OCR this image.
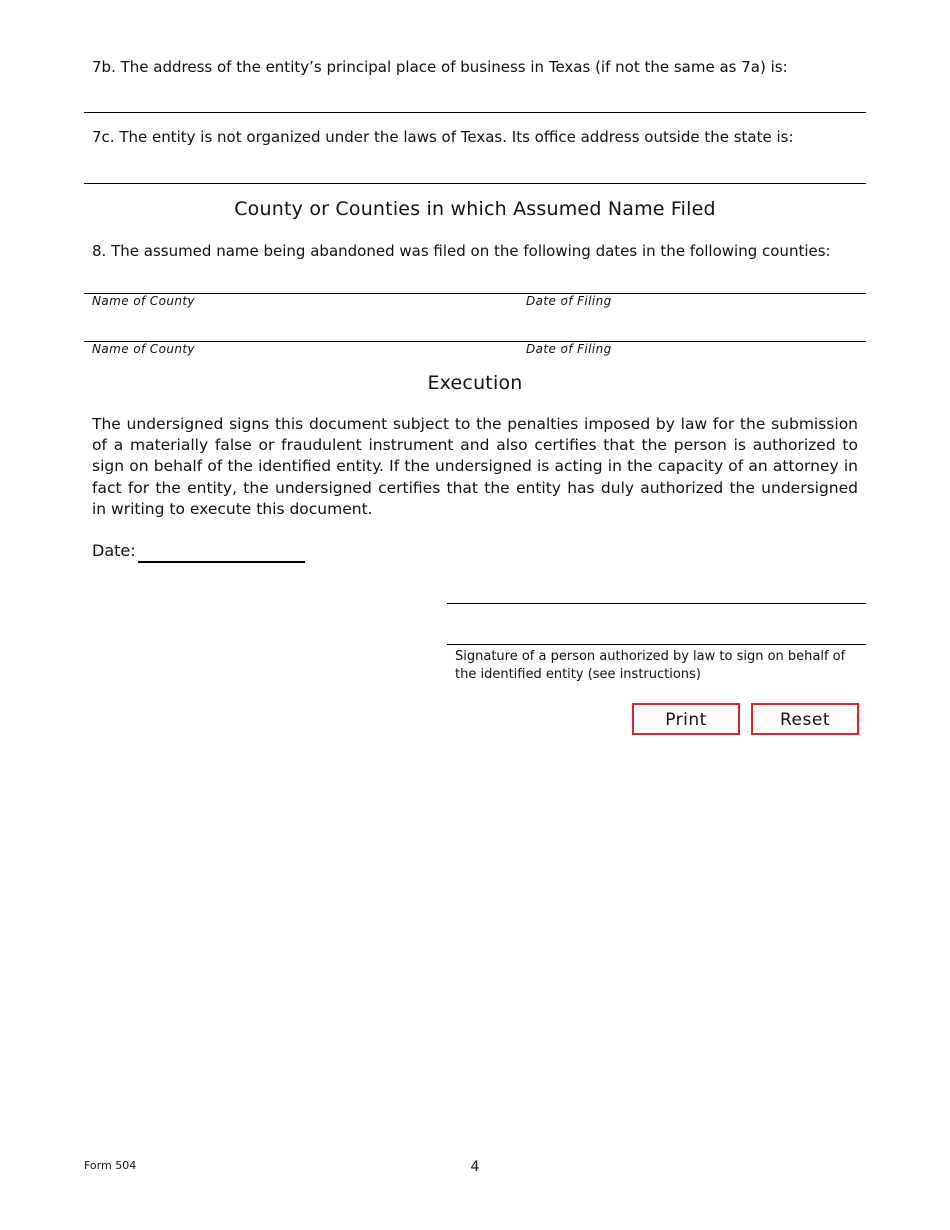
7b. The address of the entity’s principal place of business in Texas (if not the same as 7a) is:
7c. The entity is not organized under the laws of Texas. Its office address outside the state is:
County or Counties in which Assumed Name Filed
8. The assumed name being abandoned was filed on the following dates in the following counties:
Name of County	Date of Filing
Name of County	Date of Filing
Execution
The undersigned signs this document subject to the penalties imposed by law for the submission of a materially false or fraudulent instrument and also certifies that the person is authorized to sign on behalf of the identified entity. If the undersigned is acting in the capacity of an attorney in fact for the entity, the undersigned certifies that the entity has duly authorized the undersigned in writing to execute this document.
Date:
Signature of a person authorized by law to sign on behalf of the identified entity (see instructions)
Print	Reset
Form 504	4
